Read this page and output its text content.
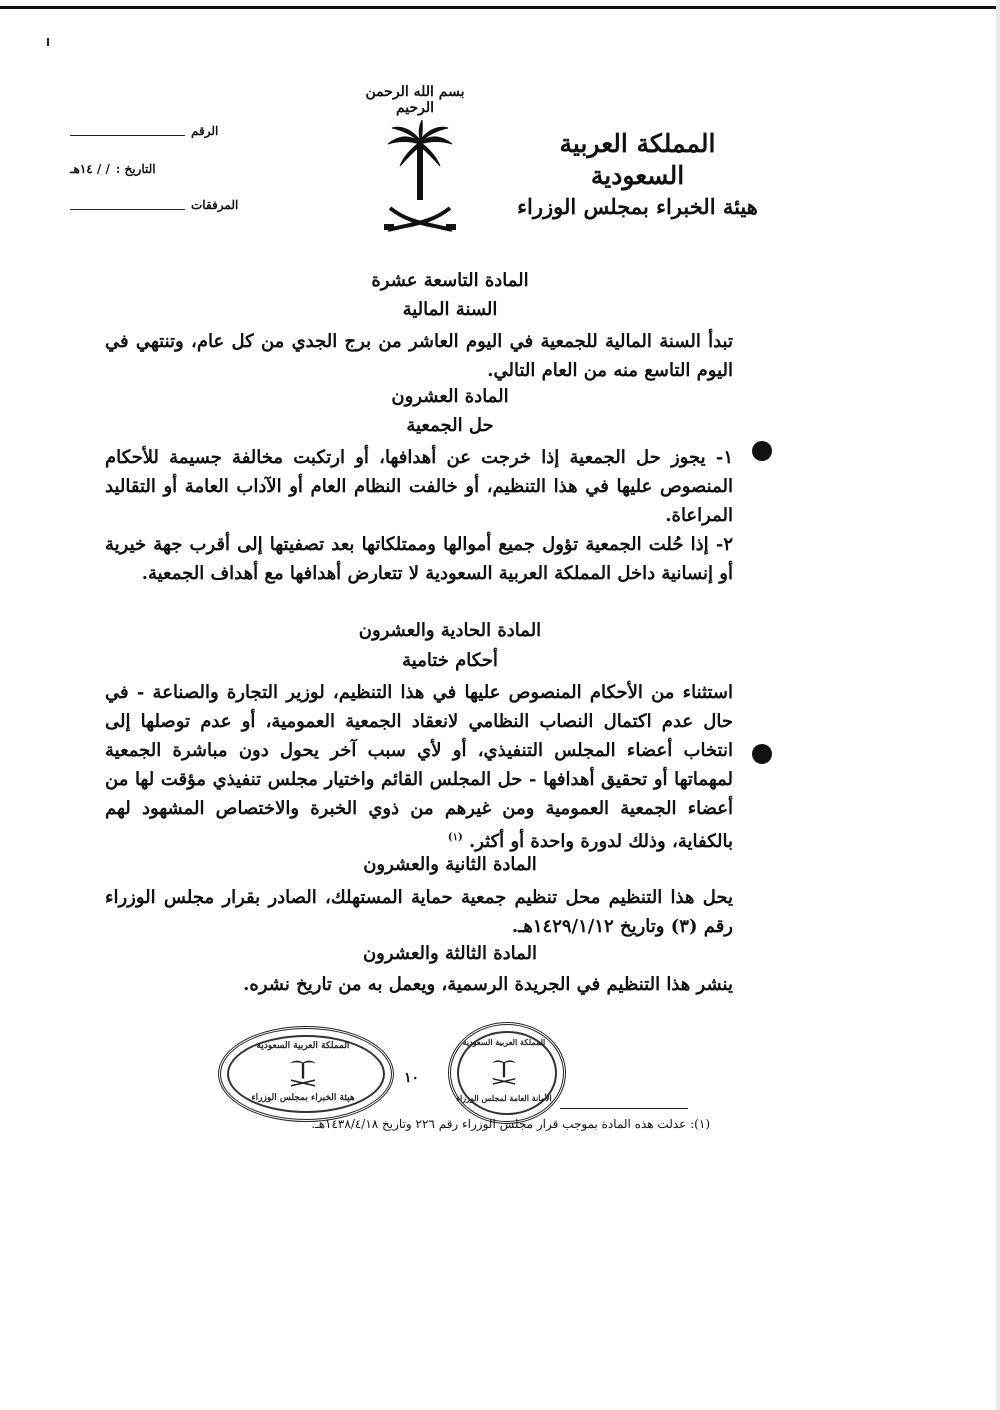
بسم الله الرحمن الرحيم
المملكة العربية السعودية
هيئة الخبراء بمجلس الوزراء
الرقم
التاريخ :
/ / ١٤هـ
المرفقات
المادة التاسعة عشرة
السنة المالية
تبدأ السنة المالية للجمعية في اليوم العاشر من برج الجدي من كل عام، وتنتهي في اليوم التاسع منه من العام التالي.
المادة العشرون
حل الجمعية
١- يجوز حل الجمعية إذا خرجت عن أهدافها، أو ارتكبت مخالفة جسيمة للأحكام المنصوص عليها في هذا التنظيم، أو خالفت النظام العام أو الآداب العامة أو التقاليد المراعاة.
٢- إذا حُلت الجمعية تؤول جميع أموالها وممتلكاتها بعد تصفيتها إلى أقرب جهة خيرية أو إنسانية داخل المملكة العربية السعودية لا تتعارض أهدافها مع أهداف الجمعية.
المادة الحادية والعشرون
أحكام ختامية
استثناء من الأحكام المنصوص عليها في هذا التنظيم، لوزير التجارة والصناعة - في حال عدم اكتمال النصاب النظامي لانعقاد الجمعية العمومية، أو عدم توصلها إلى انتخاب أعضاء المجلس التنفيذي، أو لأي سبب آخر يحول دون مباشرة الجمعية لمهماتها أو تحقيق أهدافها - حل المجلس القائم واختيار مجلس تنفيذي مؤقت لها من أعضاء الجمعية العمومية ومن غيرهم من ذوي الخبرة والاختصاص المشهود لهم بالكفاية، وذلك لدورة واحدة أو أكثر. $^{(١)}$
المادة الثانية والعشرون
يحل هذا التنظيم محل تنظيم جمعية حماية المستهلك، الصادر بقرار مجلس الوزراء رقم (٣) وتاريخ ١٤٢٩/١/١٢هـ.
المادة الثالثة والعشرون
ينشر هذا التنظيم في الجريدة الرسمية، ويعمل به من تاريخ نشره.
المملكة العربية السعودية
هيئة الخبراء بمجلس الوزراء
المملكة العربية السعودية
الأمانة العامة لمجلس الوزراء
١٠
(١): عدلت هذه المادة بموجب قرار مجلس الوزراء رقم ٢٢٦ وتاريخ ١٤٣٨/٤/١٨هـ.
